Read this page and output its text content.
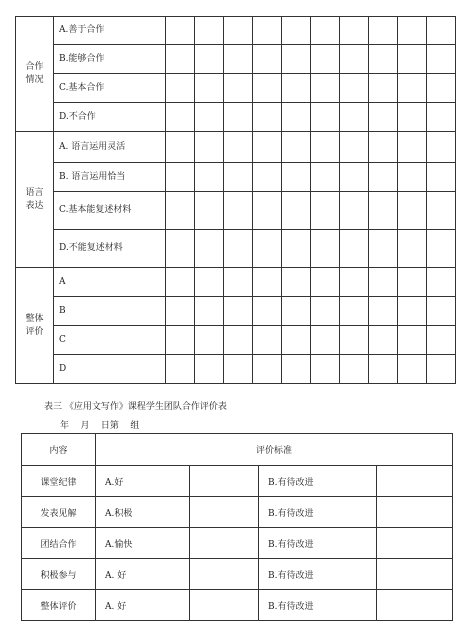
合作
情况	A.善于合作										
	B.能够合作										
	C.基本合作										
	D.不合作										
语言
表达	A. 语言运用灵活										
	B. 语言运用恰当										
	C.基本能复述材料										
	D.不能复述材料										
整体
评价	A										
	B										
	C										
	D										
表三 《应用文写作》课程学生团队合作评价表
年    月    日第    组
内容	评价标准			
课堂纪律	A.好		B.有待改进	
发表见解	A.积极		B.有待改进	
团结合作	A.愉快		B.有待改进	
积极参与	A. 好		B.有待改进	
整体评价	A. 好		B.有待改进	
